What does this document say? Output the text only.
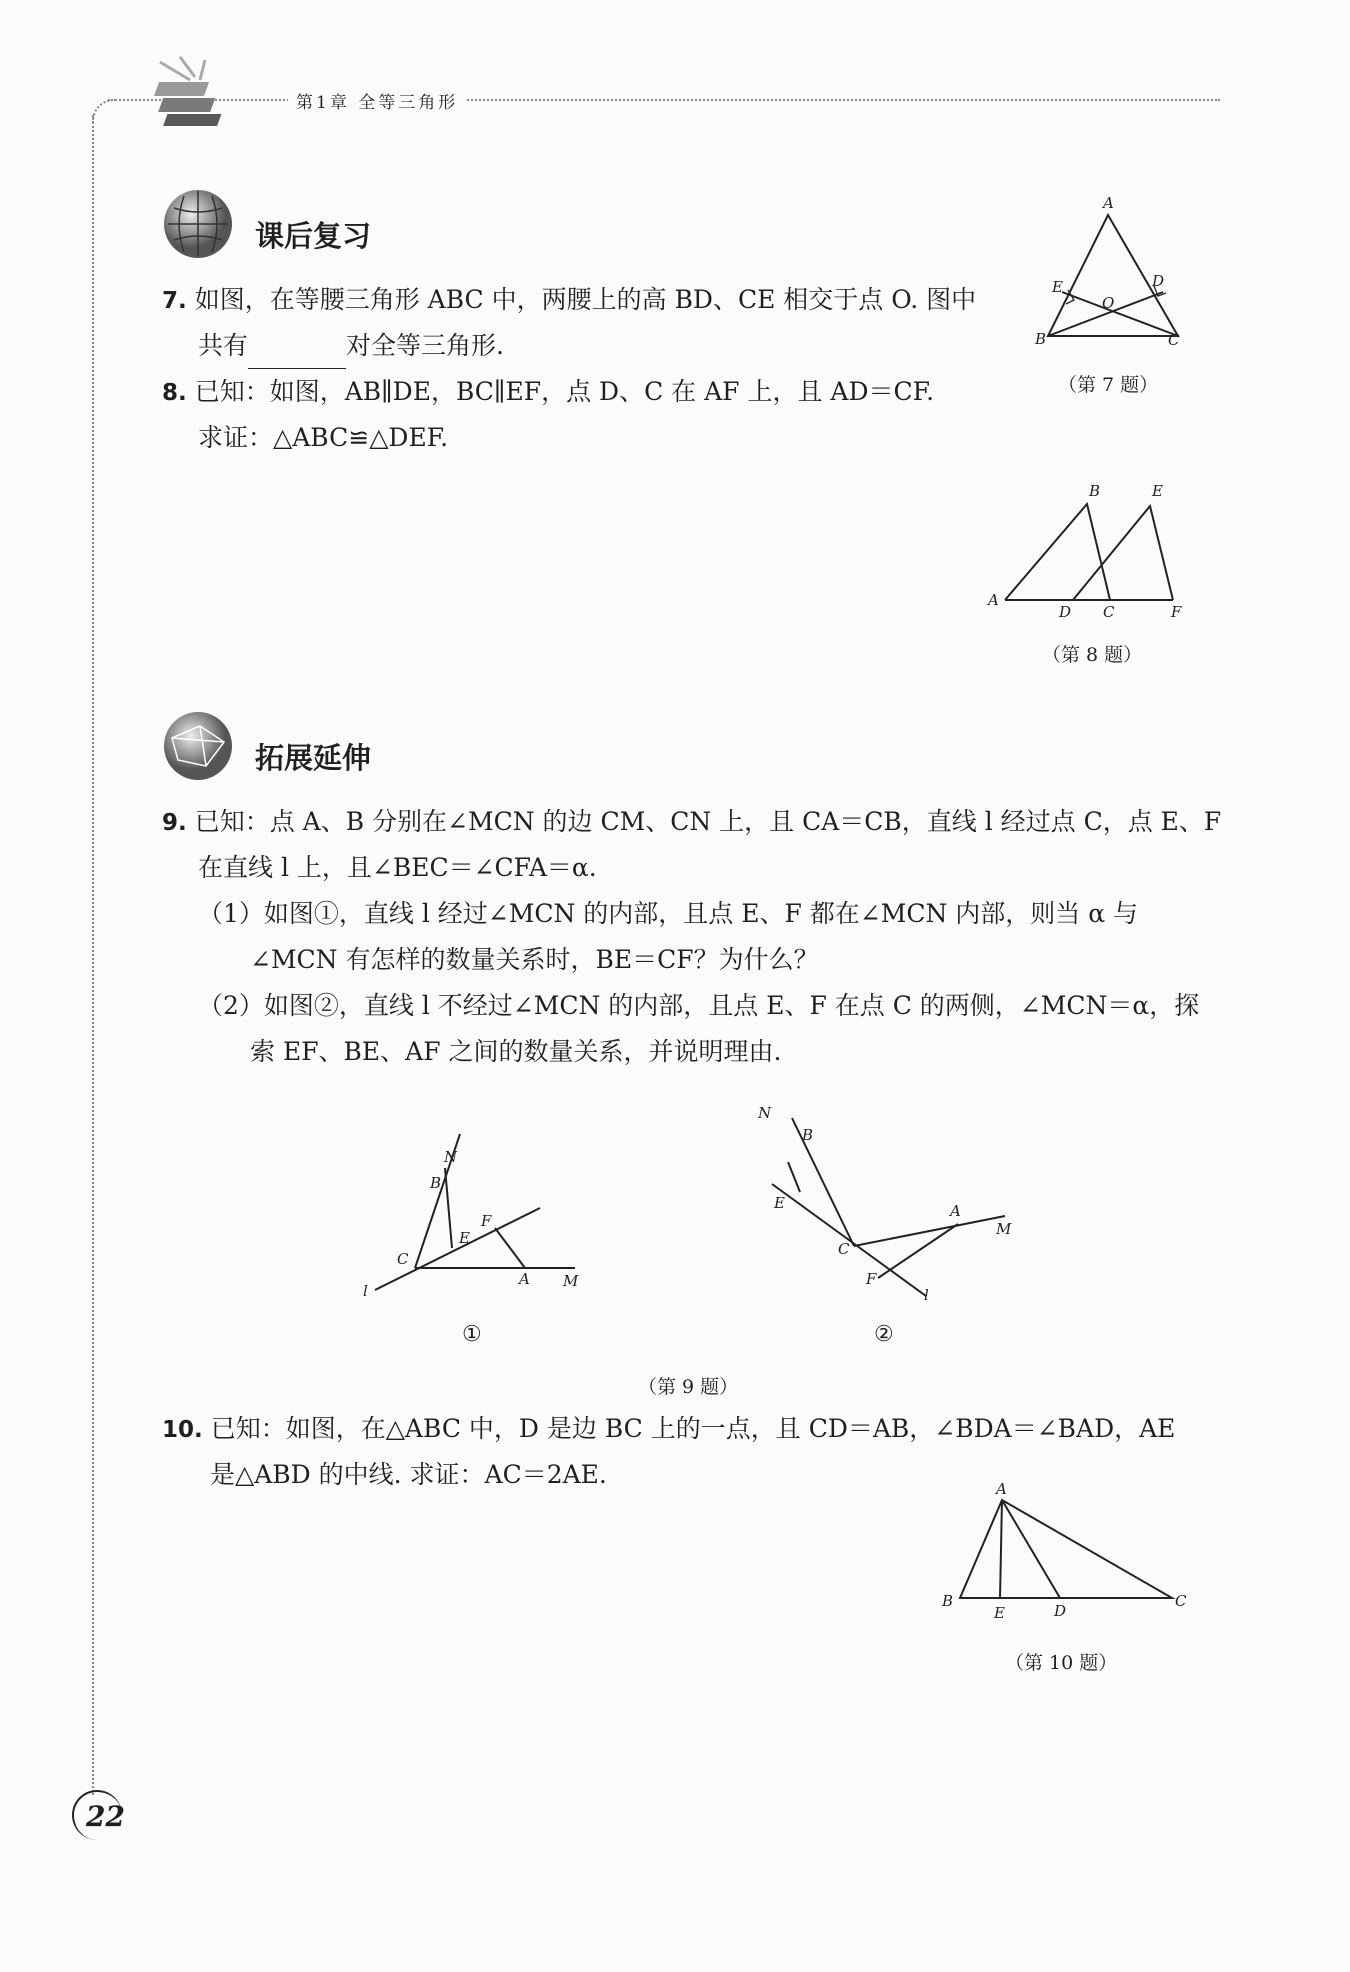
第1章 全等三角形
课后复习
7. 如图，在等腰三角形 ABC 中，两腰上的高 BD、CE 相交于点 O. 图中
共有	对全等三角形.
A
E	D
O
B	C
（第 7 题）
8. 已知：如图，AB∥DE，BC∥EF，点 D、C 在 AF 上，且 AD＝CF.
求证：△ABC≌△DEF.
B	E
A
D C	F
（第 8 题）
拓展延伸
9. 已知：点 A、B 分别在∠MCN 的边 CM、CN 上，且 CA＝CB，直线 l 经过点 C，点 E、F
在直线 l 上，且∠BEC＝∠CFA＝α.
（1）如图①，直线 l 经过∠MCN 的内部，且点 E、F 都在∠MCN 内部，则当 α 与
∠MCN 有怎样的数量关系时，BE＝CF？为什么？
（2）如图②，直线 l 不经过∠MCN 的内部，且点 E、F 在点 C 的两侧，∠MCN＝α，探
索 EF、BE、AF 之间的数量关系，并说明理由.
N
B
E
F
C
A M
l
①
N
B
E	A
M
C
F
l
②
（第 9 题）
10. 已知：如图，在△ABC 中，D 是边 BC 上的一点，且 CD＝AB，∠BDA＝∠BAD，AE
是△ABD 的中线. 求证：AC＝2AE.	A
B
E	D
C
（第 10 题）
22
